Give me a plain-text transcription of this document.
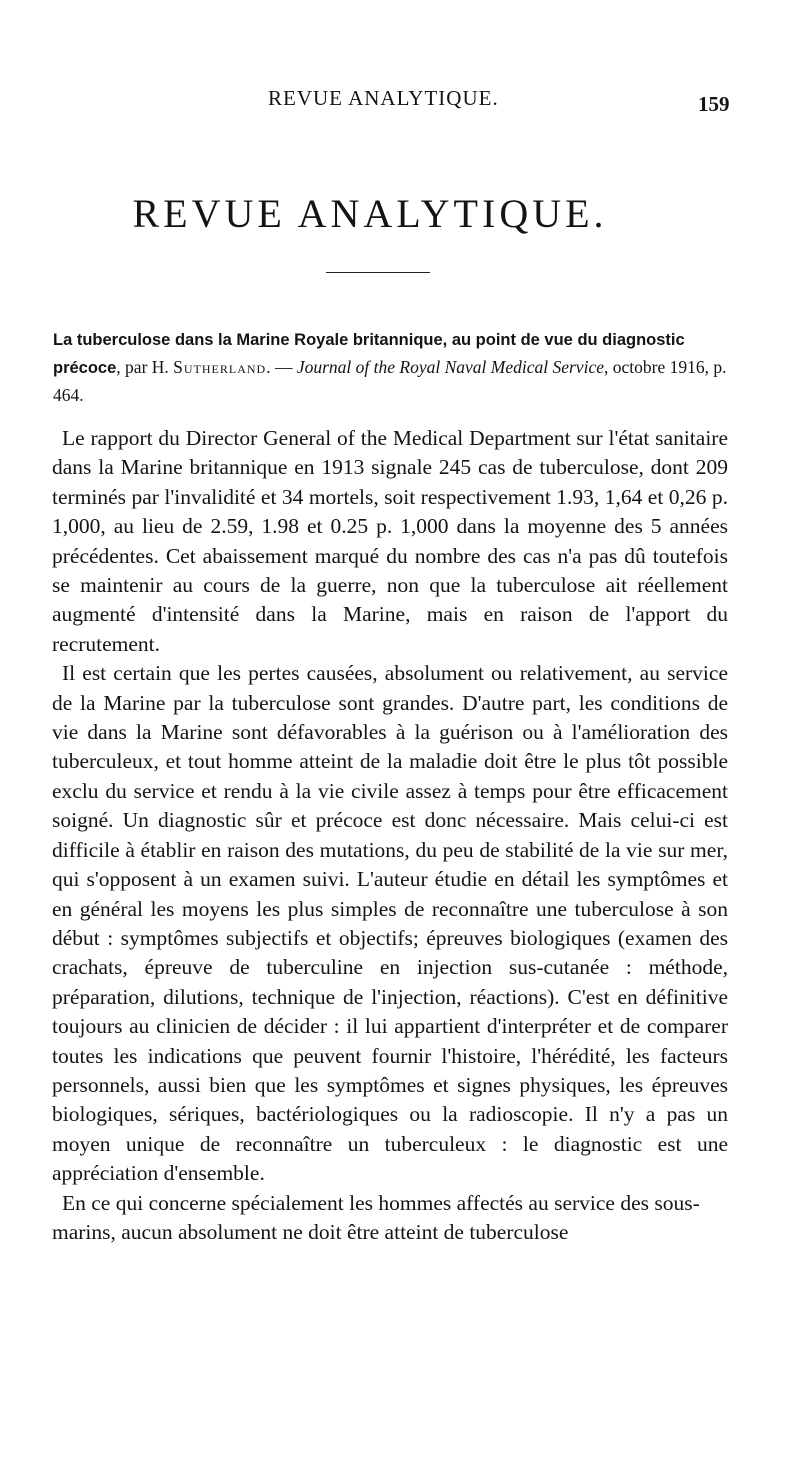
REVUE ANALYTIQUE.	159
REVUE ANALYTIQUE.
La tuberculose dans la Marine Royale britannique, au point de vue du diagnostic précoce, par H. Sutherland. — Journal of the Royal Naval Medical Service, octobre 1916, p. 464.

Le rapport du Director General of the Medical Department sur l'état sanitaire dans la Marine britannique en 1913 signale 245 cas de tuberculose, dont 209 terminés par l'invalidité et 34 mortels, soit respectivement 1.93, 1,64 et 0,26 p. 1,000, au lieu de 2.59, 1.98 et 0.25 p. 1,000 dans la moyenne des 5 années précédentes. Cet abaissement marqué du nombre des cas n'a pas dû toutefois se maintenir au cours de la guerre, non que la tuberculose ait réellement augmenté d'intensité dans la Marine, mais en raison de l'apport du recrutement.

Il est certain que les pertes causées, absolument ou relativement, au service de la Marine par la tuberculose sont grandes. D'autre part, les conditions de vie dans la Marine sont défavorables à la guérison ou à l'amélioration des tuberculeux, et tout homme atteint de la maladie doit être le plus tôt possible exclu du service et rendu à la vie civile assez à temps pour être efficacement soigné. Un diagnostic sûr et précoce est donc nécessaire. Mais celui-ci est difficile à établir en raison des mutations, du peu de stabilité de la vie sur mer, qui s'opposent à un examen suivi. L'auteur étudie en détail les symptômes et en général les moyens les plus simples de reconnaître une tuberculose à son début : symptômes subjectifs et objectifs; épreuves biologiques (examen des crachats, épreuve de tuberculine en injection sus-cutanée : méthode, préparation, dilutions, technique de l'injection, réactions). C'est en définitive toujours au clinicien de décider : il lui appartient d'interpréter et de comparer toutes les indications que peuvent fournir l'histoire, l'hérédité, les facteurs personnels, aussi bien que les symptômes et signes physiques, les épreuves biologiques, sériques, bactériologiques ou la radioscopie. Il n'y a pas un moyen unique de reconnaître un tuberculeux : le diagnostic est une appréciation d'ensemble.

En ce qui concerne spécialement les hommes affectés au service des sous-marins, aucun absolument ne doit être atteint de tuberculose
